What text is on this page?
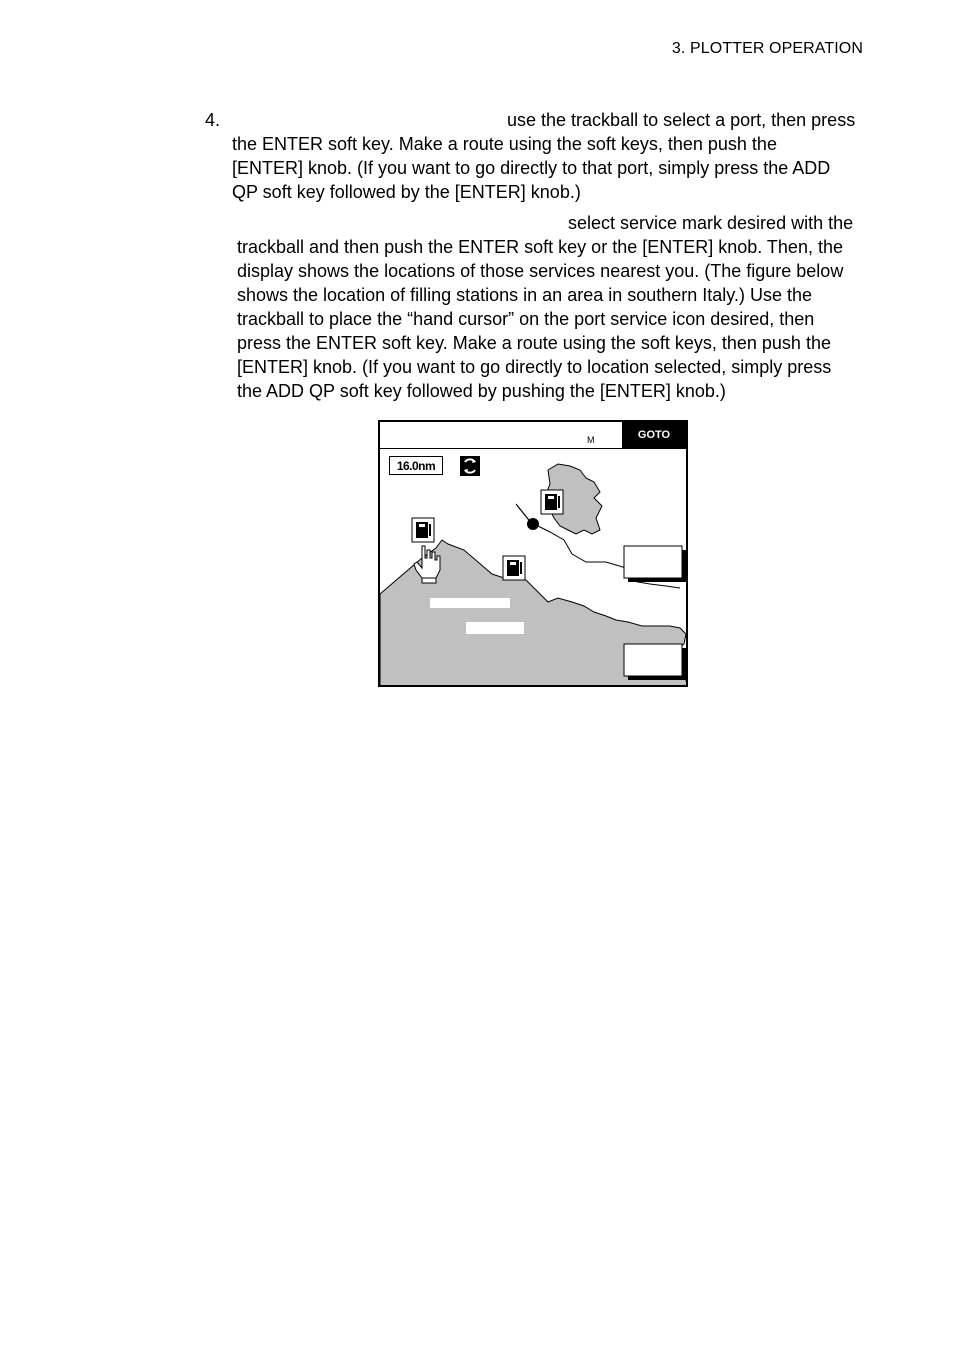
3. PLOTTER OPERATION
4.	use the trackball to select a port, then press
the ENTER soft key. Make a route using the soft keys, then push the
[ENTER] knob. (If you want to go directly to that port, simply press the ADD
QP soft key followed by the [ENTER] knob.)
select service mark desired with the
trackball and then push the ENTER soft key or the [ENTER] knob. Then, the
display shows the locations of those services nearest you. (The figure below
shows the location of filling stations in an area in southern Italy.) Use the
trackball to place the “hand cursor” on the port service icon desired, then
press the ENTER soft key. Make a route using the soft keys, then push the
[ENTER] knob. (If you want to go directly to location selected, simply press
the ADD QP soft key followed by pushing the [ENTER] knob.)
M	GOTO
16.0nm
